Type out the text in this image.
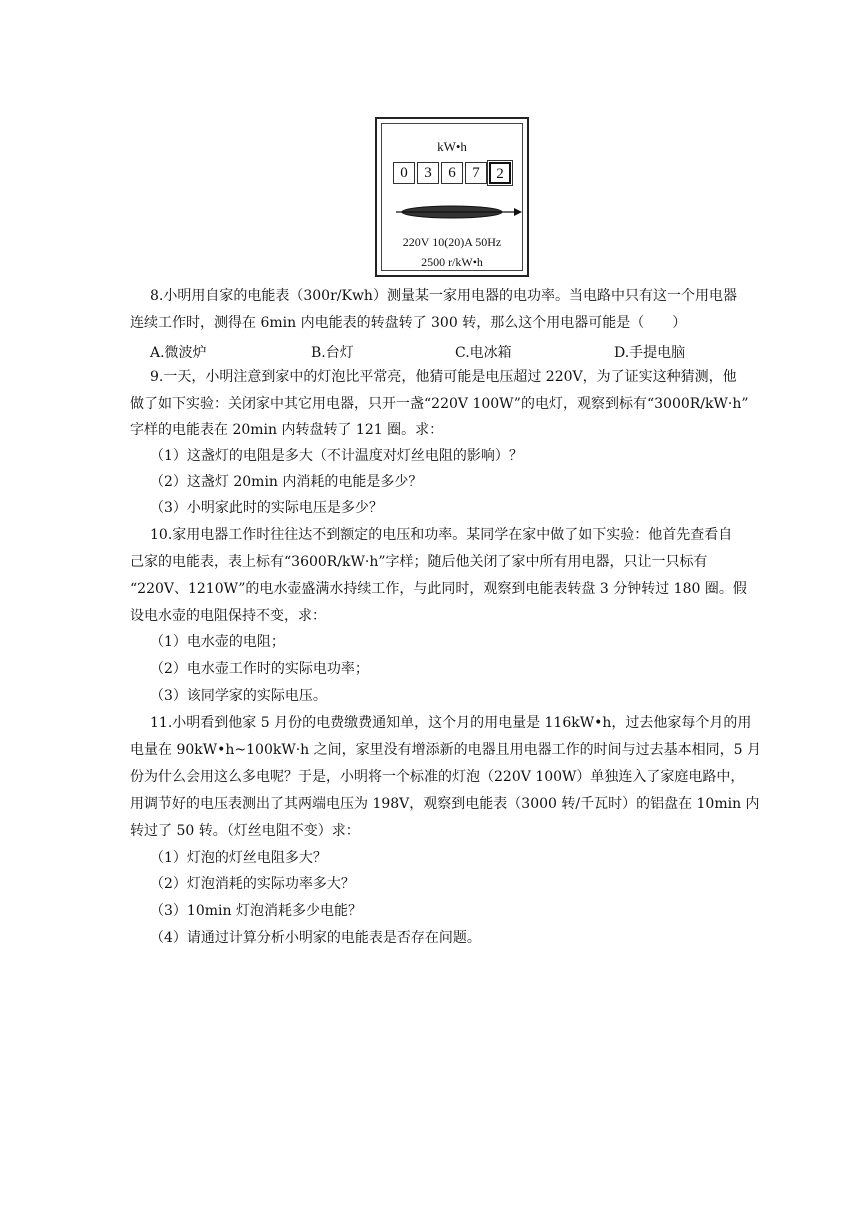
kW•h
0	3	6	7	2
220V 10(20)A 50Hz
2500 r/kW•h
8.小明用自家的电能表（300r/Kwh）测量某一家用电器的电功率。当电路中只有这一个用电器
连续工作时，测得在 6min 内电能表的转盘转了 300 转，那么这个用电器可能是（　　）
A.微波炉	B.台灯	C.电冰箱	D.手提电脑
9.一天，小明注意到家中的灯泡比平常亮，他猜可能是电压超过 220V，为了证实这种猜测，他
做了如下实验：关闭家中其它用电器，只开一盏“220V 100W”的电灯，观察到标有“3000R/kW·h”
字样的电能表在 20min 内转盘转了 121 圈。求：
（1）这盏灯的电阻是多大（不计温度对灯丝电阻的影响）？
（2）这盏灯 20min 内消耗的电能是多少？
（3）小明家此时的实际电压是多少？
10.家用电器工作时往往达不到额定的电压和功率。某同学在家中做了如下实验：他首先查看自
己家的电能表，表上标有“3600R/kW·h”字样；随后他关闭了家中所有用电器，只让一只标有
“220V、1210W”的电水壶盛满水持续工作，与此同时，观察到电能表转盘 3 分钟转过 180 圈。假
设电水壶的电阻保持不变，求：
（1）电水壶的电阻；
（2）电水壶工作时的实际电功率；
（3）该同学家的实际电压。
11.小明看到他家 5 月份的电费缴费通知单，这个月的用电量是 116kW•h，过去他家每个月的用
电量在 90kW•h~100kW·h 之间，家里没有增添新的电器且用电器工作的时间与过去基本相同，5 月
份为什么会用这么多电呢？于是，小明将一个标准的灯泡（220V 100W）单独连入了家庭电路中，
用调节好的电压表测出了其两端电压为 198V，观察到电能表（3000 转/千瓦时）的铝盘在 10min 内
转过了 50 转。（灯丝电阻不变）求：
（1）灯泡的灯丝电阻多大？
（2）灯泡消耗的实际功率多大？
（3）10min 灯泡消耗多少电能？
（4）请通过计算分析小明家的电能表是否存在问题。
